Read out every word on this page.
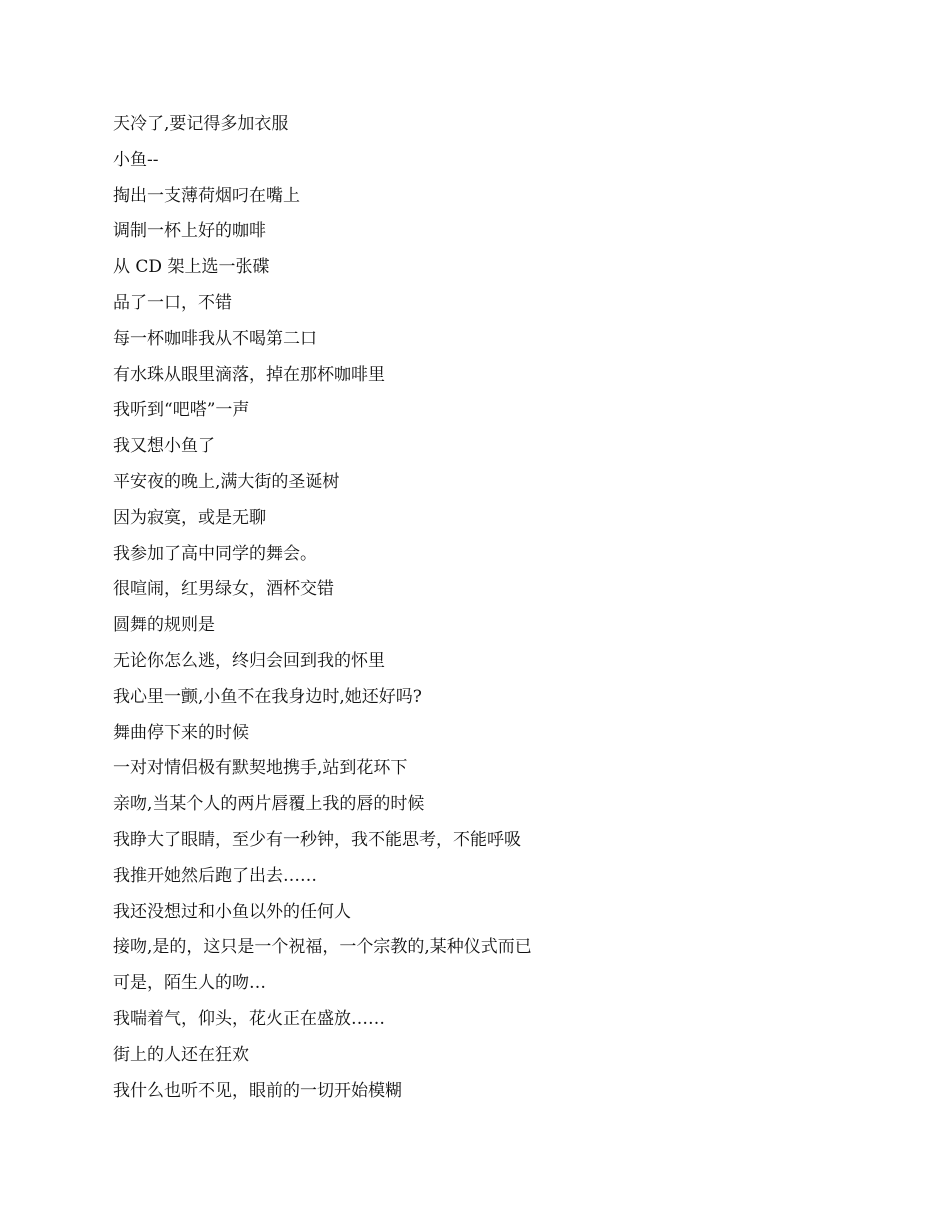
天冷了,要记得多加衣服
小鱼--
掏出一支薄荷烟叼在嘴上
调制一杯上好的咖啡
从 CD 架上选一张碟
品了一口，不错
每一杯咖啡我从不喝第二口
有水珠从眼里滴落，掉在那杯咖啡里
我听到“吧嗒”一声
我又想小鱼了
平安夜的晚上,满大街的圣诞树
因为寂寞，或是无聊
我参加了高中同学的舞会。
很喧闹，红男绿女，酒杯交错
圆舞的规则是
无论你怎么逃，终归会回到我的怀里
我心里一颤,小鱼不在我身边时,她还好吗?
舞曲停下来的时候
一对对情侣极有默契地携手,站到花环下
亲吻,当某个人的两片唇覆上我的唇的时候
我睁大了眼睛，至少有一秒钟，我不能思考，不能呼吸
我推开她然后跑了出去……
我还没想过和小鱼以外的任何人
接吻,是的，这只是一个祝福，一个宗教的,某种仪式而已
可是，陌生人的吻…
我喘着气，仰头，花火正在盛放……
街上的人还在狂欢
我什么也听不见，眼前的一切开始模糊
